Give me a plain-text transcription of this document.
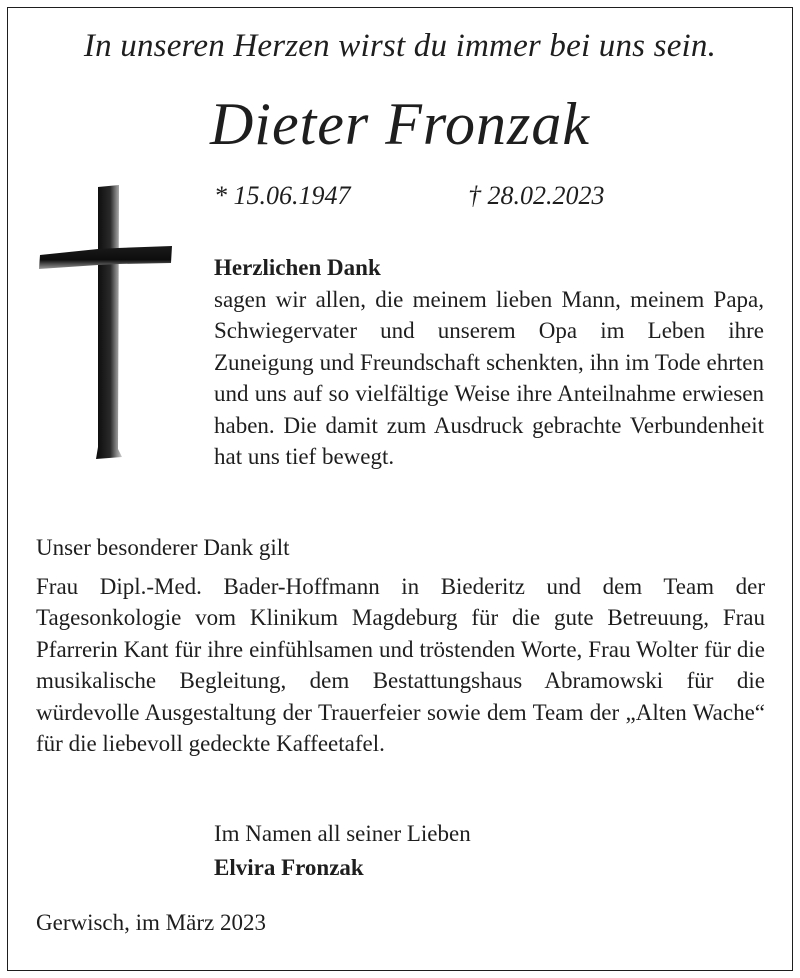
In unseren Herzen wirst du immer bei uns sein.
Dieter Fronzak
* 15.06.1947	† 28.02.2023
Herzlichen Dank

sagen wir allen, die meinem lieben Mann, meinem Papa, Schwiegervater und unserem Opa im Leben ihre Zuneigung und Freundschaft schenkten, ihn im Tode ehrten und uns auf so vielfältige Weise ihre Anteilnahme erwiesen haben. Die damit zum Ausdruck gebrachte Verbundenheit hat uns tief bewegt.

Unser besonderer Dank gilt

Frau Dipl.-Med. Bader-Hoffmann in Biederitz und dem Team der Tagesonkologie vom Klinikum Magdeburg für die gute Betreuung, Frau Pfarrerin Kant für ihre einfühlsamen und tröstenden Worte, Frau Wolter für die musikalische Begleitung, dem Bestattungshaus Abramowski für die würdevolle Ausgestaltung der Trauerfeier sowie dem Team der „Alten Wache“ für die liebevoll gedeckte Kaffeetafel.

Im Namen all seiner Lieben
Elvira Fronzak
Gerwisch, im März 2023
